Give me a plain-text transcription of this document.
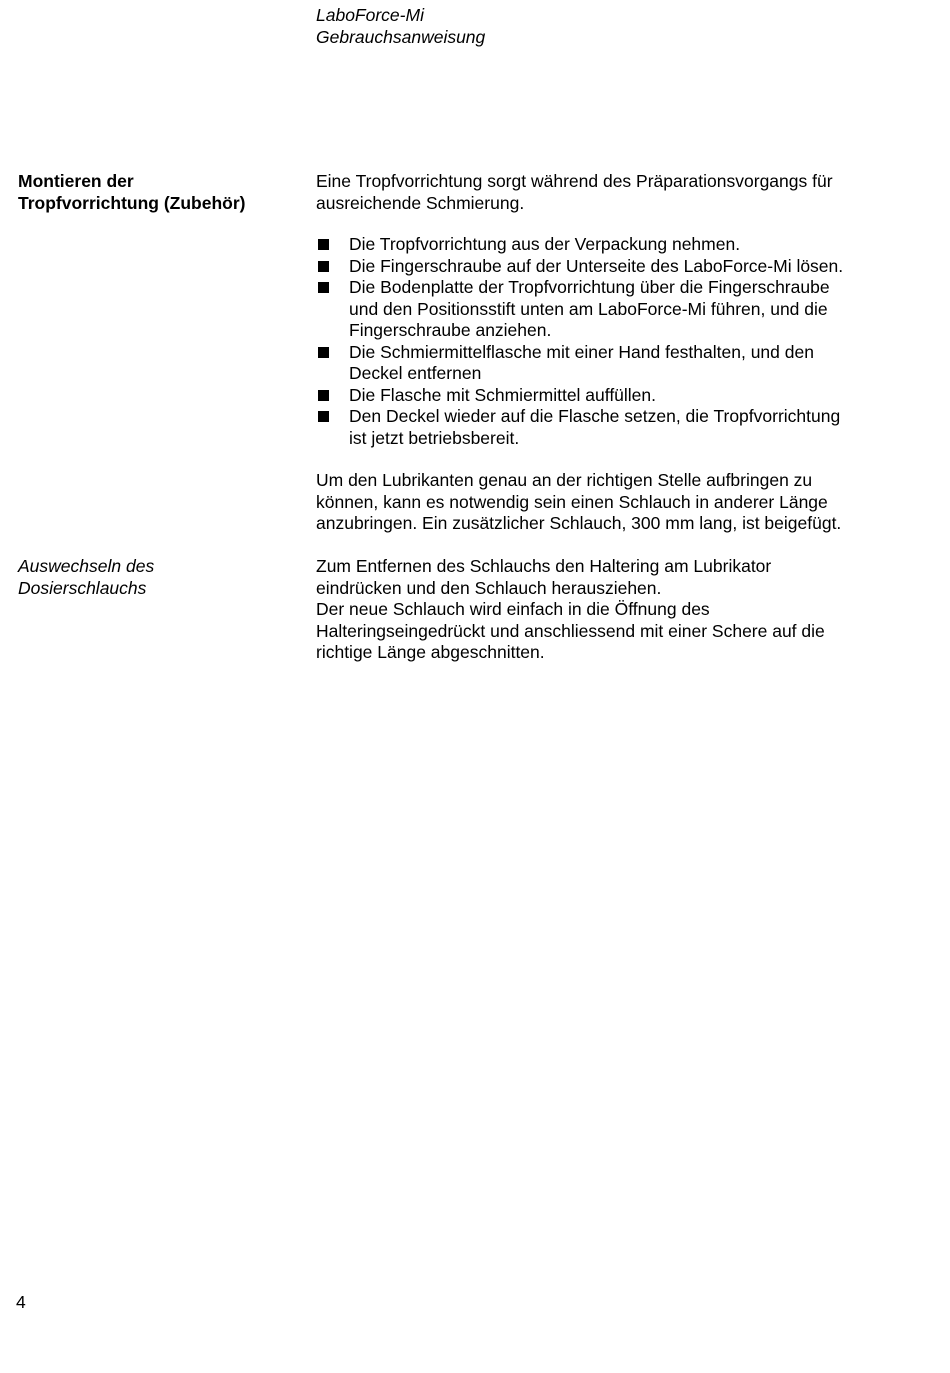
LaboForce-Mi
Gebrauchsanweisung
Montieren der
Tropfvorrichtung (Zubehör)
Eine Tropfvorrichtung sorgt während des Präparationsvorgangs für
ausreichende Schmierung.
Die Tropfvorrichtung aus der Verpackung nehmen.
Die Fingerschraube auf der Unterseite des LaboForce-Mi lösen.
Die Bodenplatte der Tropfvorrichtung über die Fingerschraube
und den Positionsstift unten am LaboForce-Mi führen, und die
Fingerschraube anziehen.
Die Schmiermittelflasche mit einer Hand festhalten, und den
Deckel entfernen
Die Flasche mit Schmiermittel auffüllen.
Den Deckel wieder auf die Flasche setzen, die Tropfvorrichtung
ist jetzt betriebsbereit.
Um den Lubrikanten genau an der richtigen Stelle aufbringen zu
können, kann es notwendig sein einen Schlauch in anderer Länge
anzubringen. Ein zusätzlicher Schlauch, 300 mm lang, ist beigefügt.
Auswechseln des
Dosierschlauchs
Zum Entfernen des Schlauchs den Haltering am Lubrikator
eindrücken und den Schlauch herausziehen.
Der neue Schlauch wird einfach in die Öffnung des
Halteringseingedrückt und anschliessend mit einer Schere auf die
richtige Länge abgeschnitten.
4
